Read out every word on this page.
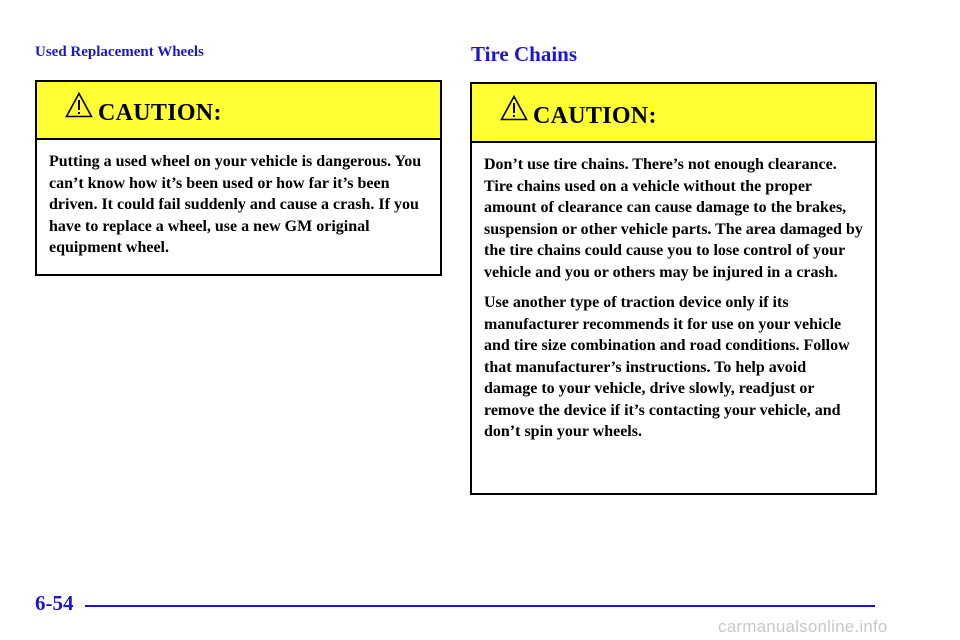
Used Replacement Wheels
CAUTION:

Putting a used wheel on your vehicle is dangerous. You can’t know how it’s been used or how far it’s been driven. It could fail suddenly and cause a crash. If you have to replace a wheel, use a new GM original equipment wheel.

Tire Chains
CAUTION:

Don’t use tire chains. There’s not enough clearance. Tire chains used on a vehicle without the proper amount of clearance can cause damage to the brakes, suspension or other vehicle parts. The area damaged by the tire chains could cause you to lose control of your vehicle and you or others may be injured in a crash.

Use another type of traction device only if its manufacturer recommends it for use on your vehicle and tire size combination and road conditions. Follow that manufacturer’s instructions. To help avoid damage to your vehicle, drive slowly, readjust or remove the device if it’s contacting your vehicle, and don’t spin your wheels.

6-54
carmanualsonline.info
